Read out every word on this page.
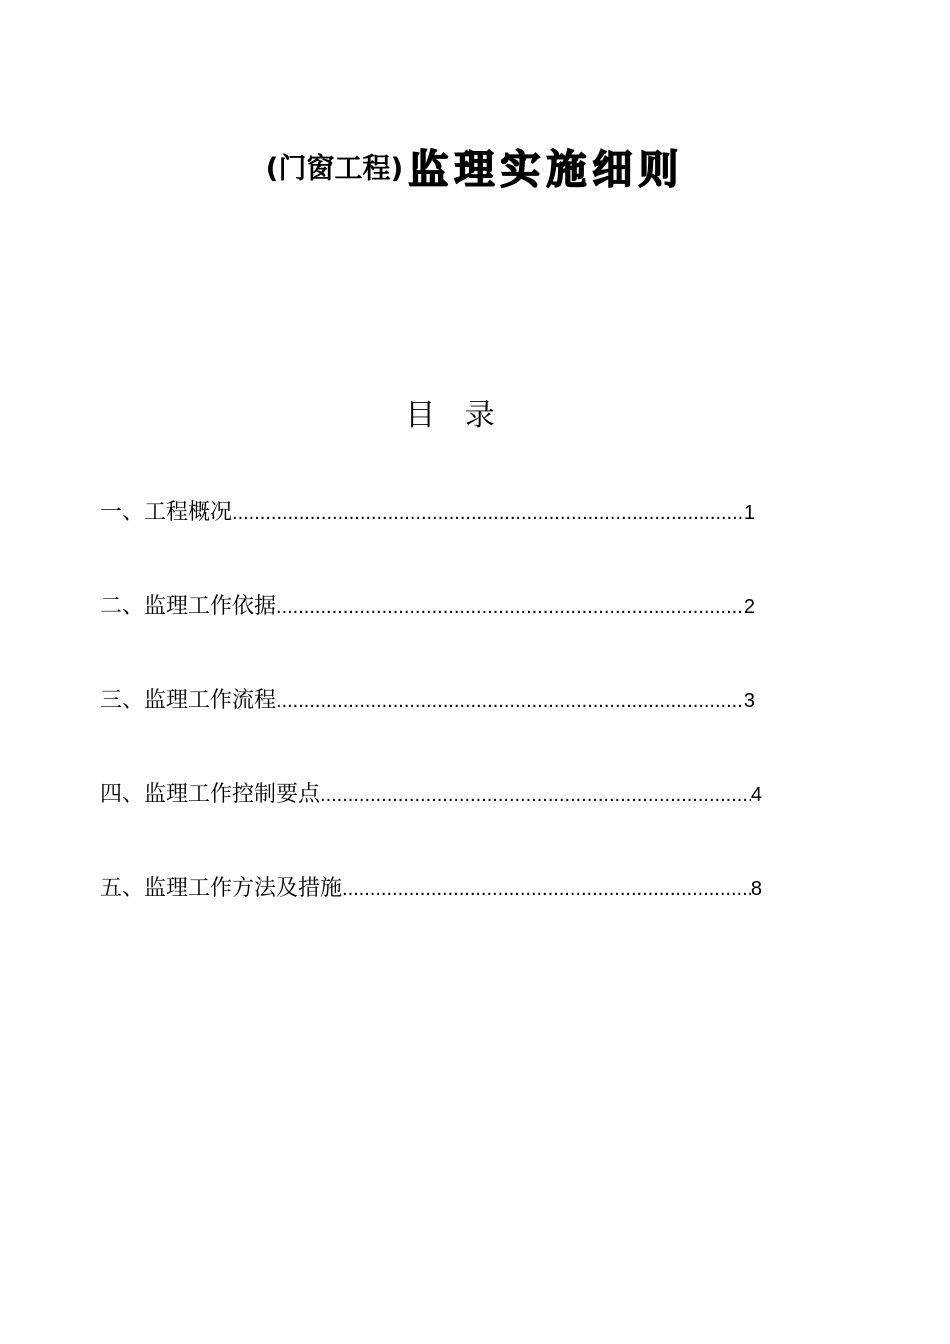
(门窗工程) 监理实施细则
目 录
一、工程概况 .....	1
二、监理工作依据 .....	2
三、监理工作流程 .....	3
四、监理工作控制要点 .....	4
五、监理工作方法及措施 .....	8
